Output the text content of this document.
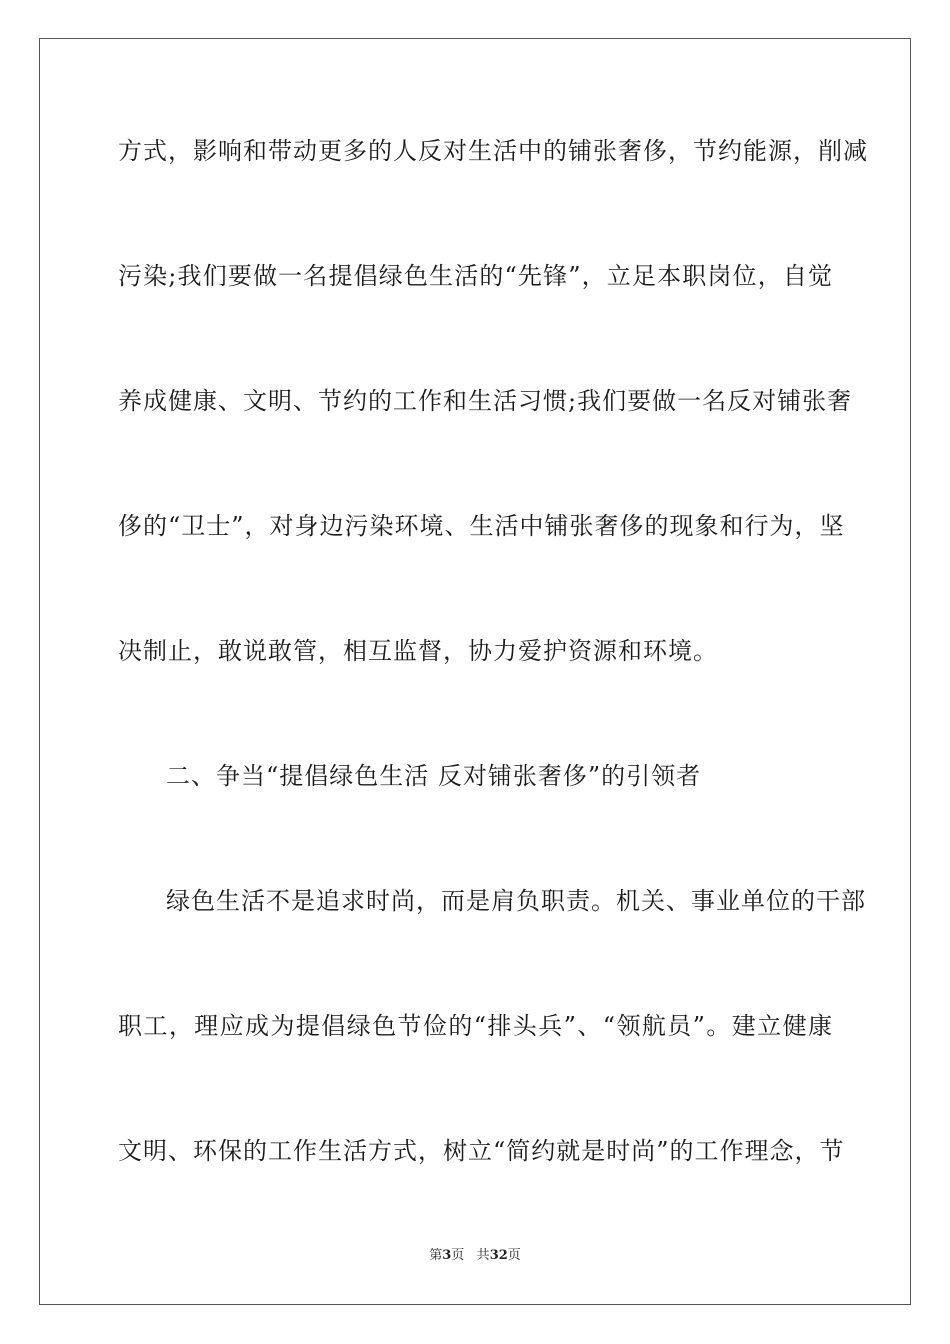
方式，影响和带动更多的人反对生活中的铺张奢侈，节约能源，削减
污染;我们要做一名提倡绿色生活的“先锋”，立足本职岗位，自觉
养成健康、文明、节约的工作和生活习惯;我们要做一名反对铺张奢
侈的“卫士”，对身边污染环境、生活中铺张奢侈的现象和行为，坚
决制止，敢说敢管，相互监督，协力爱护资源和环境。
二、争当“提倡绿色生活 反对铺张奢侈”的引领者
绿色生活不是追求时尚，而是肩负职责。机关、事业单位的干部
职工，理应成为提倡绿色节俭的“排头兵”、“领航员”。建立健康
文明、环保的工作生活方式，树立“简约就是时尚”的工作理念，节
第3页 共32页
